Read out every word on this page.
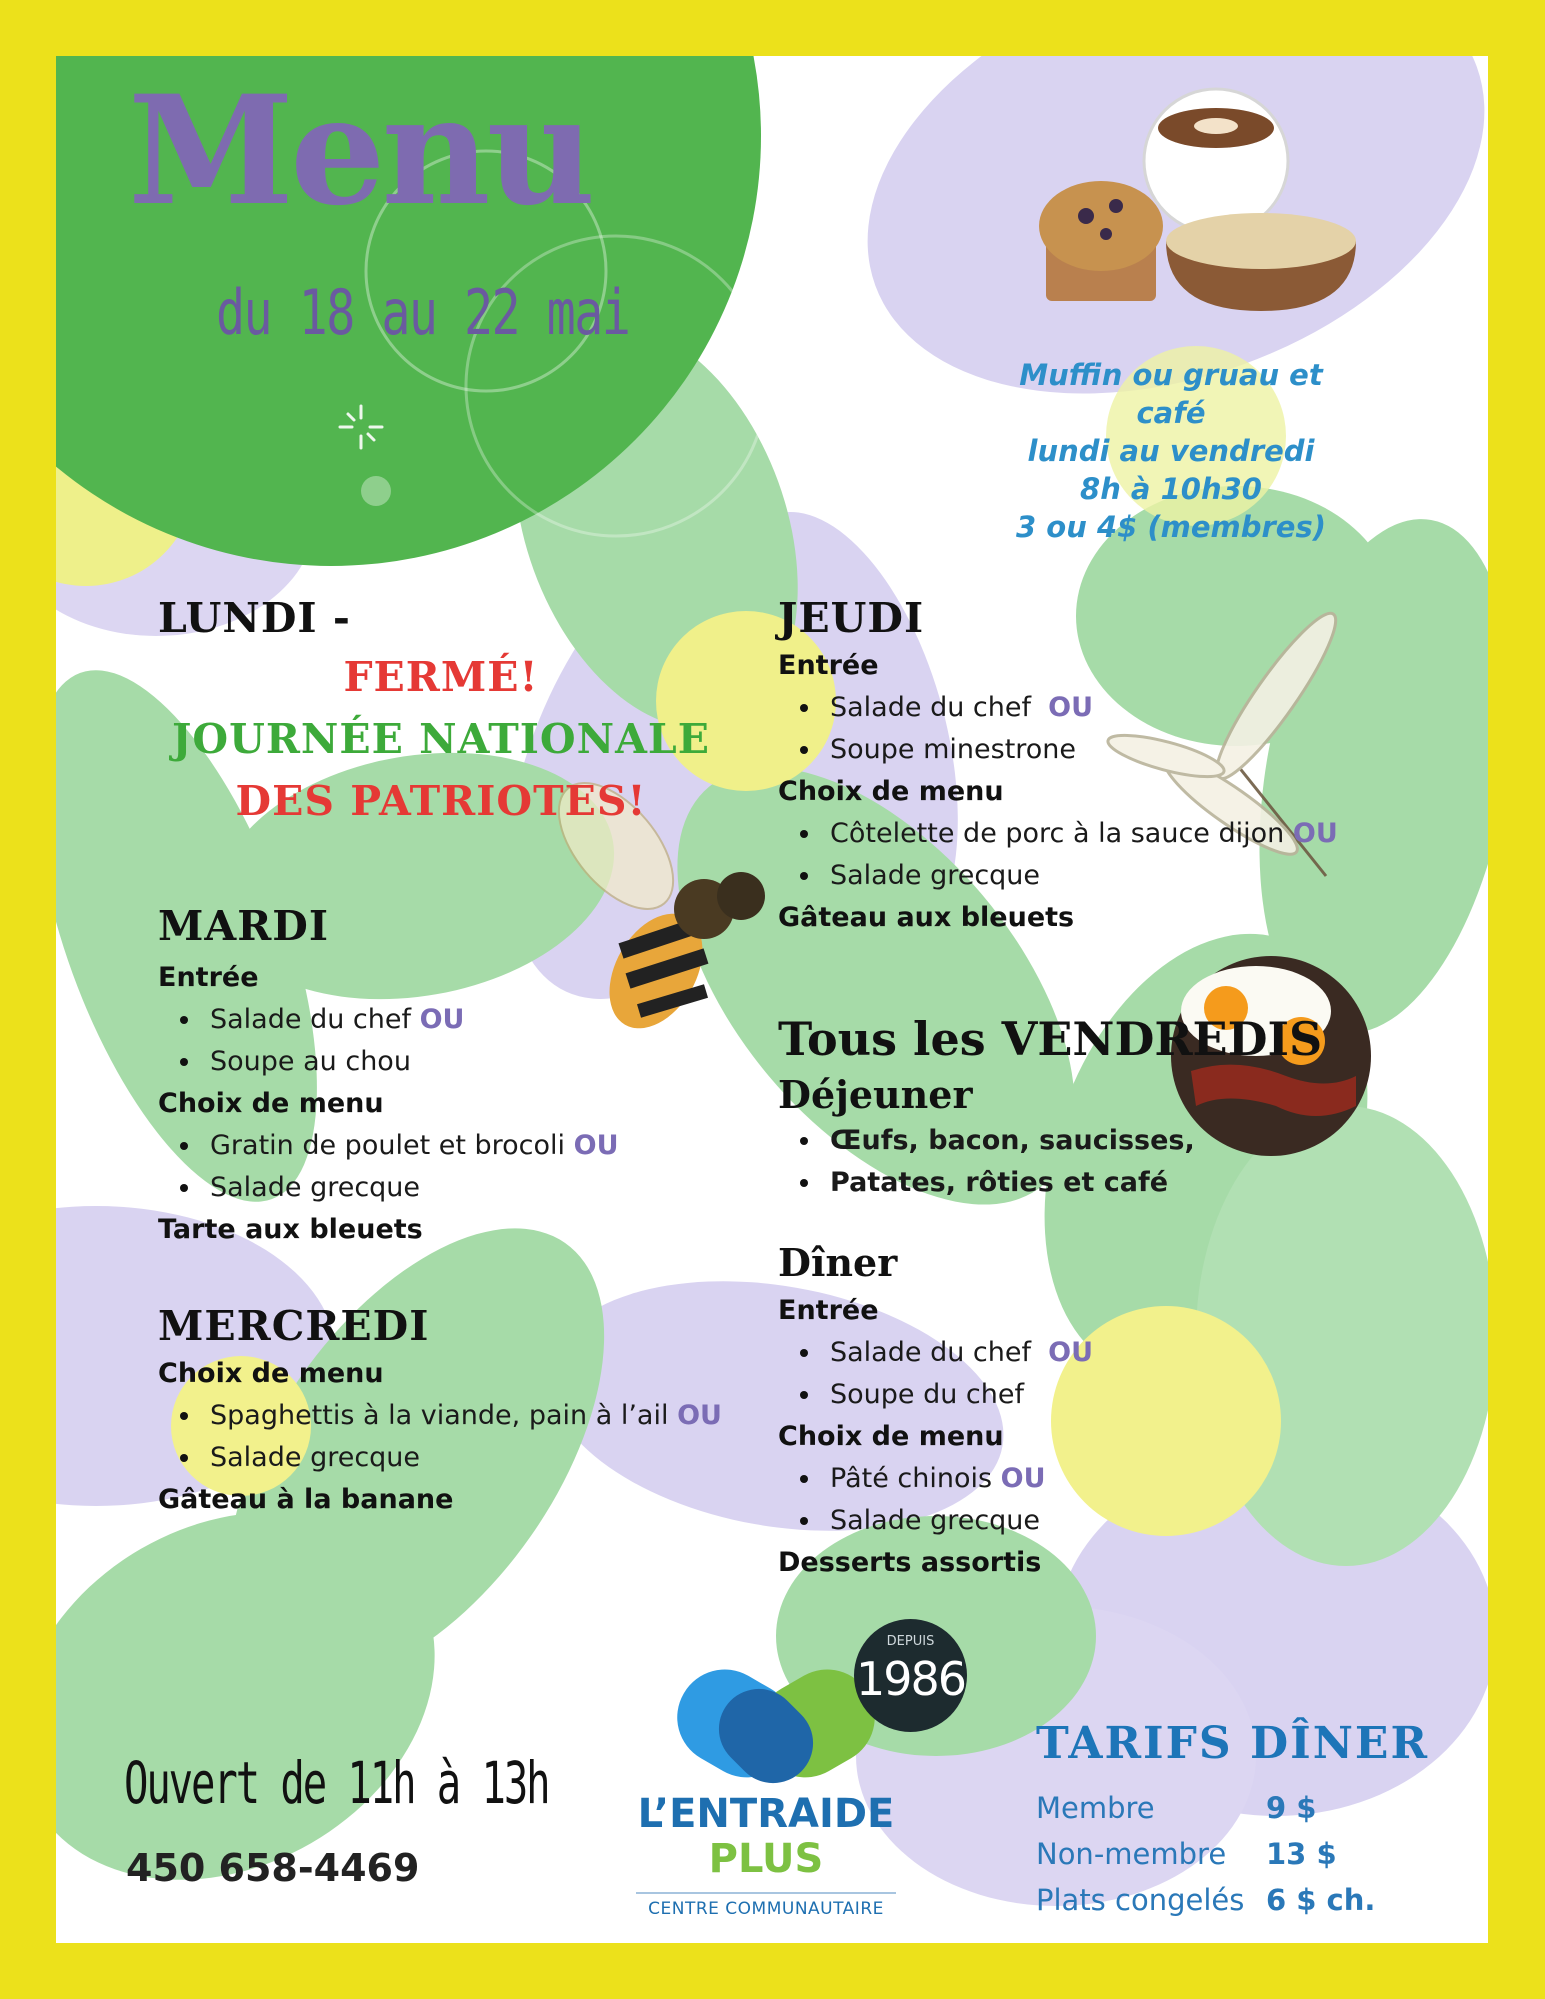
Menu
du 18 au 22 mai
Muffin ou gruau et café
lundi au vendredi
8h à 10h30
3 ou 4$ (membres)
LUNDI -
FERMÉ!
JOURNÉE NATIONALE
DES PATRIOTES!
MARDI
Entrée
Salade du chef OU
Soupe au chou
Choix de menu
Gratin de poulet et brocoli OU
Salade grecque
Tarte aux bleuets
MERCREDI
Choix de menu
Spaghettis à la viande, pain à l’ail OU
Salade grecque
Gâteau à la banane
JEUDI
Entrée
Salade du chef OU
Soupe minestrone
Choix de menu
Côtelette de porc à la sauce dijon OU
Salade grecque
Gâteau aux bleuets
Tous les VENDREDIS
Déjeuner
Œufs, bacon, saucisses,
Patates, rôties et café
Dîner
Entrée
Salade du chef OU
Soupe du chef
Choix de menu
Pâté chinois OU
Salade grecque
Desserts assortis
Ouvert de 11h à 13h
450 658-4469
DEPUIS
1986
L’ENTRAIDE
PLUS
CENTRE COMMUNAUTAIRE
TARIFS DÎNER
Membre	9 $
Non-membre 13 $
Plats congelés 6 $ ch.
